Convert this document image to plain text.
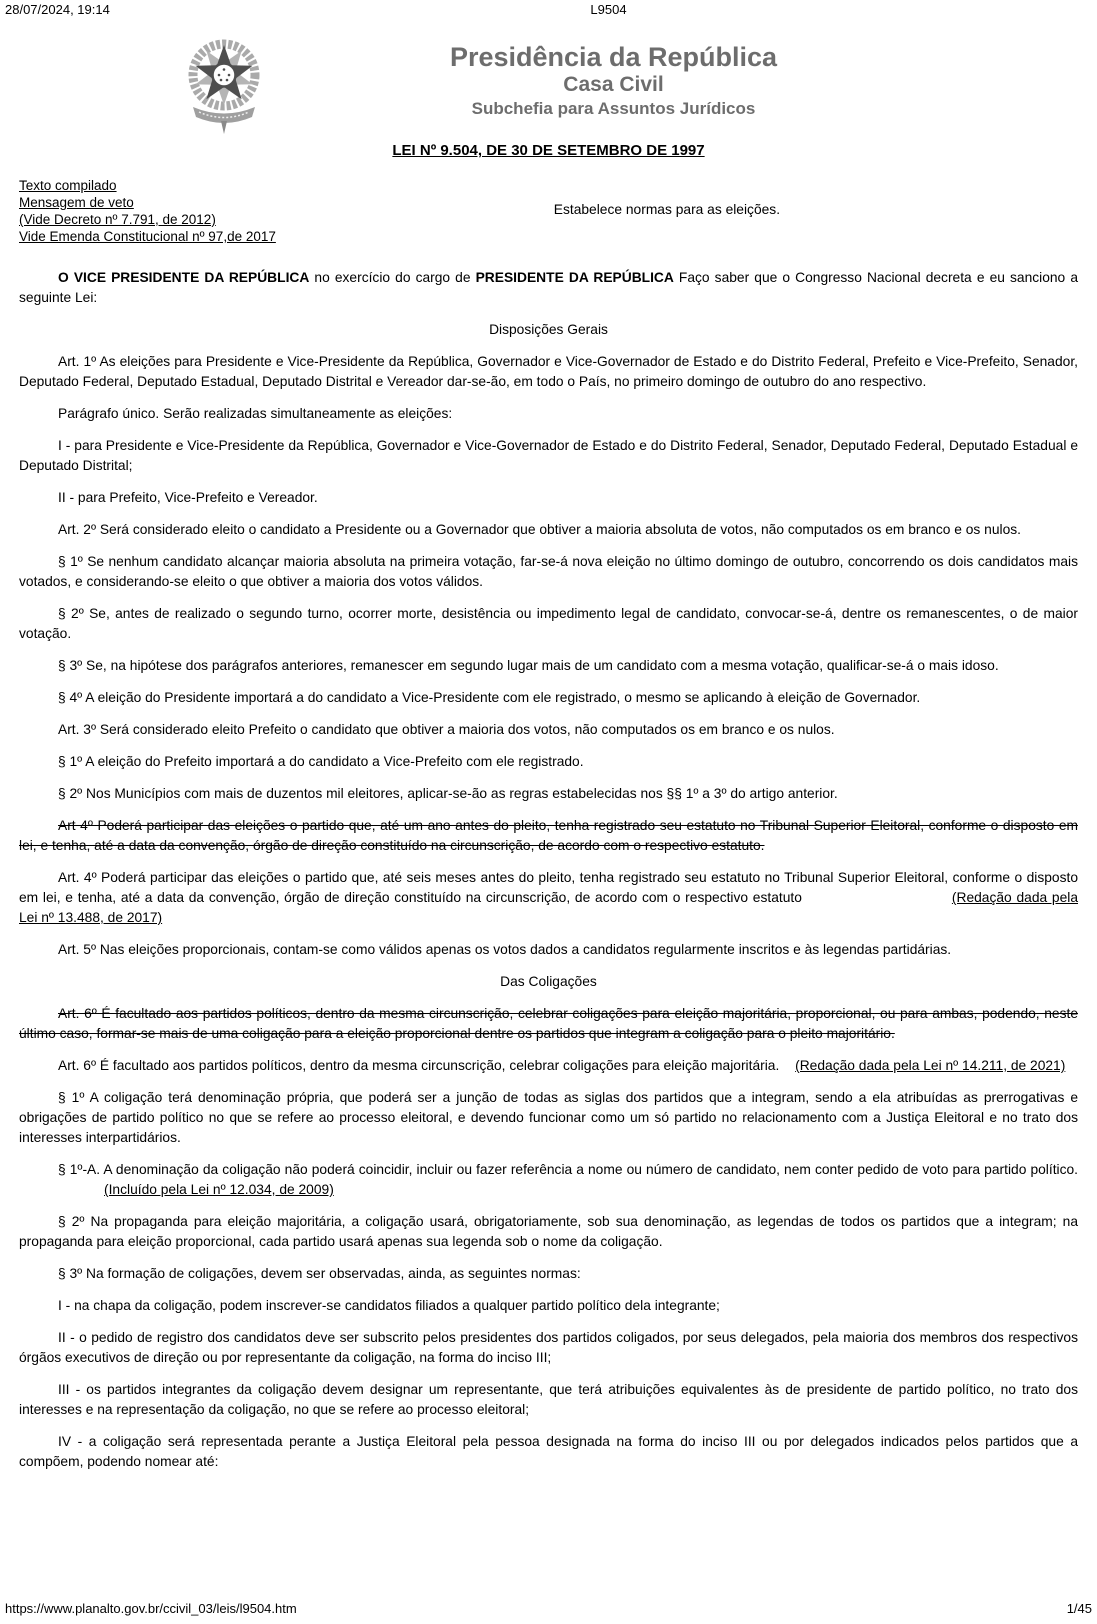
28/07/2024, 19:14	L9504
Presidência da República
Casa Civil
Subchefia para Assuntos Jurídicos
LEI Nº 9.504, DE 30 DE SETEMBRO DE 1997
Texto compilado
Mensagem de veto
(Vide Decreto nº 7.791, de 2012)
Vide Emenda Constitucional nº 97,de 2017
Estabelece normas para as eleições.

O VICE PRESIDENTE DA REPÚBLICA no exercício do cargo de PRESIDENTE DA REPÚBLICA Faço saber que o Congresso Nacional decreta e eu sanciono a seguinte Lei:

Disposições Gerais

Art. 1º As eleições para Presidente e Vice-Presidente da República, Governador e Vice-Governador de Estado e do Distrito Federal, Prefeito e Vice-Prefeito, Senador, Deputado Federal, Deputado Estadual, Deputado Distrital e Vereador dar-se-ão, em todo o País, no primeiro domingo de outubro do ano respectivo.

Parágrafo único. Serão realizadas simultaneamente as eleições:

I - para Presidente e Vice-Presidente da República, Governador e Vice-Governador de Estado e do Distrito Federal, Senador, Deputado Federal, Deputado Estadual e Deputado Distrital;

II - para Prefeito, Vice-Prefeito e Vereador.

Art. 2º Será considerado eleito o candidato a Presidente ou a Governador que obtiver a maioria absoluta de votos, não computados os em branco e os nulos.

§ 1º Se nenhum candidato alcançar maioria absoluta na primeira votação, far-se-á nova eleição no último domingo de outubro, concorrendo os dois candidatos mais votados, e considerando-se eleito o que obtiver a maioria dos votos válidos.

§ 2º Se, antes de realizado o segundo turno, ocorrer morte, desistência ou impedimento legal de candidato, convocar-se-á, dentre os remanescentes, o de maior votação.

§ 3º Se, na hipótese dos parágrafos anteriores, remanescer em segundo lugar mais de um candidato com a mesma votação, qualificar-se-á o mais idoso.

§ 4º A eleição do Presidente importará a do candidato a Vice-Presidente com ele registrado, o mesmo se aplicando à eleição de Governador.

Art. 3º Será considerado eleito Prefeito o candidato que obtiver a maioria dos votos, não computados os em branco e os nulos.

§ 1º A eleição do Prefeito importará a do candidato a Vice-Prefeito com ele registrado.

§ 2º Nos Municípios com mais de duzentos mil eleitores, aplicar-se-ão as regras estabelecidas nos §§ 1º a 3º do artigo anterior.

Art 4º Poderá participar das eleições o partido que, até um ano antes do pleito, tenha registrado seu estatuto no Tribunal Superior Eleitoral, conforme o disposto em lei, e tenha, até a data da convenção, órgão de direção constituído na circunscrição, de acordo com o respectivo estatuto.

Art. 4º Poderá participar das eleições o partido que, até seis meses antes do pleito, tenha registrado seu estatuto no Tribunal Superior Eleitoral, conforme o disposto em lei, e tenha, até a data da convenção, órgão de direção constituído na circunscrição, de acordo com o respectivo estatuto	(Redação dada pela Lei nº 13.488, de 2017)

Art. 5º Nas eleições proporcionais, contam-se como válidos apenas os votos dados a candidatos regularmente inscritos e às legendas partidárias.

Das Coligações

Art. 6º É facultado aos partidos políticos, dentro da mesma circunscrição, celebrar coligações para eleição majoritária, proporcional, ou para ambas, podendo, neste último caso, formar-se mais de uma coligação para a eleição proporcional dentre os partidos que integram a coligação para o pleito majoritário.

Art. 6º É facultado aos partidos políticos, dentro da mesma circunscrição, celebrar coligações para eleição majoritária. (Redação dada pela Lei nº 14.211, de 2021)

§ 1º A coligação terá denominação própria, que poderá ser a junção de todas as siglas dos partidos que a integram, sendo a ela atribuídas as prerrogativas e obrigações de partido político no que se refere ao processo eleitoral, e devendo funcionar como um só partido no relacionamento com a Justiça Eleitoral e no trato dos interesses interpartidários.

§ 1º-A. A denominação da coligação não poderá coincidir, incluir ou fazer referência a nome ou número de candidato, nem conter pedido de voto para partido político.(Incluído pela Lei nº 12.034, de 2009)

§ 2º Na propaganda para eleição majoritária, a coligação usará, obrigatoriamente, sob sua denominação, as legendas de todos os partidos que a integram; na propaganda para eleição proporcional, cada partido usará apenas sua legenda sob o nome da coligação.

§ 3º Na formação de coligações, devem ser observadas, ainda, as seguintes normas:

I - na chapa da coligação, podem inscrever-se candidatos filiados a qualquer partido político dela integrante;

II - o pedido de registro dos candidatos deve ser subscrito pelos presidentes dos partidos coligados, por seus delegados, pela maioria dos membros dos respectivos órgãos executivos de direção ou por representante da coligação, na forma do inciso III;

III - os partidos integrantes da coligação devem designar um representante, que terá atribuições equivalentes às de presidente de partido político, no trato dos interesses e na representação da coligação, no que se refere ao processo eleitoral;

IV - a coligação será representada perante a Justiça Eleitoral pela pessoa designada na forma do inciso III ou por delegados indicados pelos partidos que a compõem, podendo nomear até:

https://www.planalto.gov.br/ccivil_03/leis/l9504.htm	1/45
